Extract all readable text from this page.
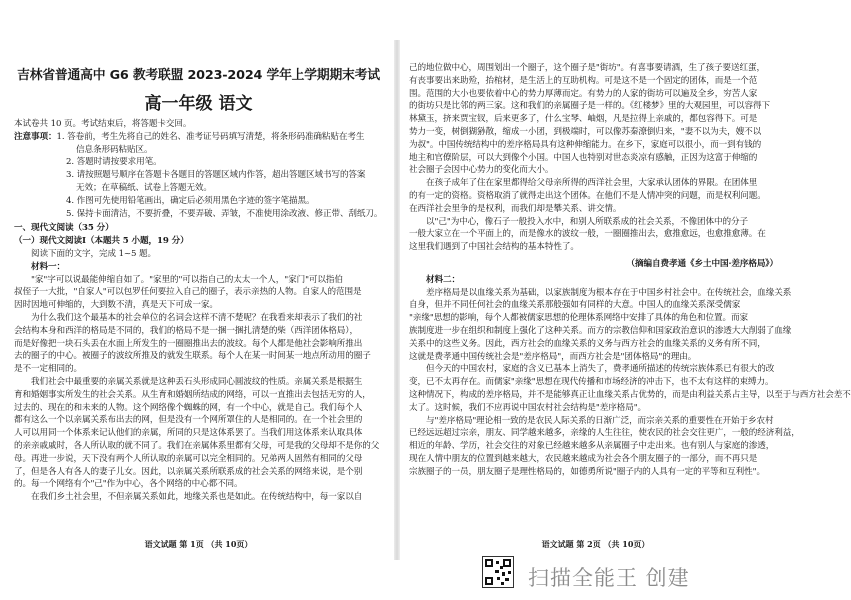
吉林省普通高中 G6 教考联盟 2023-2024 学年上学期期末考试
高一年级 语文
本试卷共 10 页。考试结束后，将答题卡交回。
注意事项：1. 答卷前，考生先将自己的姓名、准考证号码填写清楚，将条形码准确粘贴在考生
信息条形码粘贴区。
2. 答题时请按要求用笔。
3. 请按照题号顺序在答题卡各题目的答题区域内作答，超出答题区域书写的答案
无效；在草稿纸、试卷上答题无效。
4. 作图可先使用铅笔画出，确定后必须用黑色字迹的签字笔描黑。
5. 保持卡面清洁，不要折叠，不要弄破、弄皱，不准使用涂改液、修正带、刮纸刀。
一、现代文阅读（35 分）
（一）现代文阅读Ⅰ（本题共 5 小题，19 分）
阅读下面的文字，完成 1~5 题。
材料一：
"家"字可以说最能伸缩自如了。"家里的"可以指自己的太太一个人，"家门"可以指伯
叔侄子一大批，"自家人"可以包罗任何要拉入自己的圈子，表示亲热的人物。自家人的范围是
因时因地可伸缩的，大到数不清，真是天下可成一家。
为什么我们这个最基本的社会单位的名词会这样不清不楚呢？在我看来却表示了我们的社
会结构本身和西洋的格局是不同的，我们的格局不是一捆一捆扎清楚的柴（西洋团体格局），
而是好像把一块石头丢在水面上所发生的一圈圈推出去的波纹。每个人都是他社会影响所推出
去的圈子的中心。被圈子的波纹所推及的就发生联系。每个人在某一时间某一地点所动用的圈子
是不一定相同的。
我们社会中最重要的亲属关系就是这种丢石头形成同心圆波纹的性质。亲属关系是根据生
育和婚姻事实所发生的社会关系。从生育和婚姻所结成的网络，可以一直推出去包括无穷的人，
过去的、现在的和未来的人物。这个网络像个蜘蛛的网，有一个中心，就是自己。我们每个人
都有这么一个以亲属关系布出去的网，但是没有一个网所罩住的人是相同的。在一个社会里的
人可以用同一个体系来记认他们的亲属，所同的只是这体系罢了。当我们用这体系来认取具体
的亲亲戚戚时，各人所认取的就不同了。我们在亲属体系里都有父母，可是我的父母却不是你的父
母。再进一步说，天下没有两个人所认取的亲属可以完全相同的。兄弟两人固然有相同的父母
了，但是各人有各人的妻子儿女。因此，以亲属关系所联系成的社会关系的网络来说，是个别
的。每一个网络有个"己"作为中心，各个网络的中心都不同。
在我们乡土社会里，不但亲属关系如此，地缘关系也是如此。在传统结构中，每一家以自
语文试题 第 1页 （共 10页）
己的地位做中心，周围划出一个圈子，这个圈子是"街坊"。有喜事要请酒，生了孩子要送红蛋，
有丧事要出来助殓，抬棺材，是生活上的互助机构。可是这不是一个固定的团体，而是一个范
围。范围的大小也要依着中心的势力厚薄而定。有势力的人家的街坊可以遍及全乡，穷苦人家
的街坊只是比邻的两三家。这和我们的亲属圈子是一样的。《红楼梦》里的大观园里，可以容得下
林黛玉，挤来贾宝钗，后来更多了，什么宝琴、岫烟，凡是拉得上亲戚的，都包容得下。可是
势力一变，树倒猢狲散，缩成一小团，到极端时，可以像苏秦潦倒归来，"妻不以为夫，嫂不以
为叔"。中国传统结构中的差序格局具有这种伸缩能力。在乡下，家庭可以很小，而一到有钱的
地主和官僚阶层，可以大到像个小国。中国人也特别对世态炎凉有感触，正因为这富于伸缩的
社会圈子会因中心势力的变化而大小。
在孩子成年了住在家里都得给父母亲所得的西洋社会里，大家承认团体的界限。在团体里
的有一定的资格。资格取消了就得走出这个团体。在他们不是人情冲突的问题，而是权利问题。
在西洋社会里争的是权利，而我们却是攀关系、讲交情。
以"己"为中心，像石子一般投入水中，和别人所联系成的社会关系，不像团体中的分子
一般大家立在一个平面上的，而是像水的波纹一般，一圈圈推出去，愈推愈远，也愈推愈薄。在
这里我们遇到了中国社会结构的基本特性了。
（摘编自费孝通《乡土中国·差序格局》）
材料二：
差序格局是以血缘关系为基础，以家族制度为根本存在于中国乡村社会中。在传统社会，血缘关系
自身，但并不同任何社会的血缘关系那般强如有同样的大意。中国人的血缘关系深受儒家
"亲缘"思想的影响，每个人都被儒家思想的伦理体系网络中安排了具体的角色和位置。而家
族制度进一步在组织和制度上强化了这种关系。而方的宗教信仰和国家政治意识的渗透大大削弱了血缘
关系中的这些义务。因此，西方社会的血缘关系的义务与西方社会的血缘关系的义务有所不同，
这就是费孝通中国传统社会是"差序格局"，而西方社会是"团体格局"的理由。
但今天的中国农村，家庭的含义已基本上消失了，费孝通所描述的传统宗族体系已有很大的改
变，已不太再存在。而儒家"亲缘"思想在现代传播和市场经济的冲击下，也不太有这样的束缚力。
这种情况下，构成的差序格局，并不是能够真正让血缘关系占优势的，而是由利益关系占主导，以至于与西方社会差不
太了。这时候，我们不应再说中国农村社会结构是"差序格局"。
与"差序格局"理论相一致的是农民人际关系的日渐广泛，而宗亲关系的重要性在开始于乡农村
已经远远超过宗亲，朋友、同学越来越多，亲缘的人生往往，使农民的社会交往更广，一般的经济利益，
相近的年龄、学历，社会交往的对象已经越来越多从亲属圈子中走出来。也有别人与家庭的渗透，
现在人情中朋友的位置到越来越大，农民越来越成为社会各个朋友圈子的一部分，而不再只是
宗族圈子的一员，朋友圈子是理性格局的，如德勇所说"圈子内的人具有一定的平等和互利性"。
语文试题 第 2页 （共 10页）
扫描全能王 创建
